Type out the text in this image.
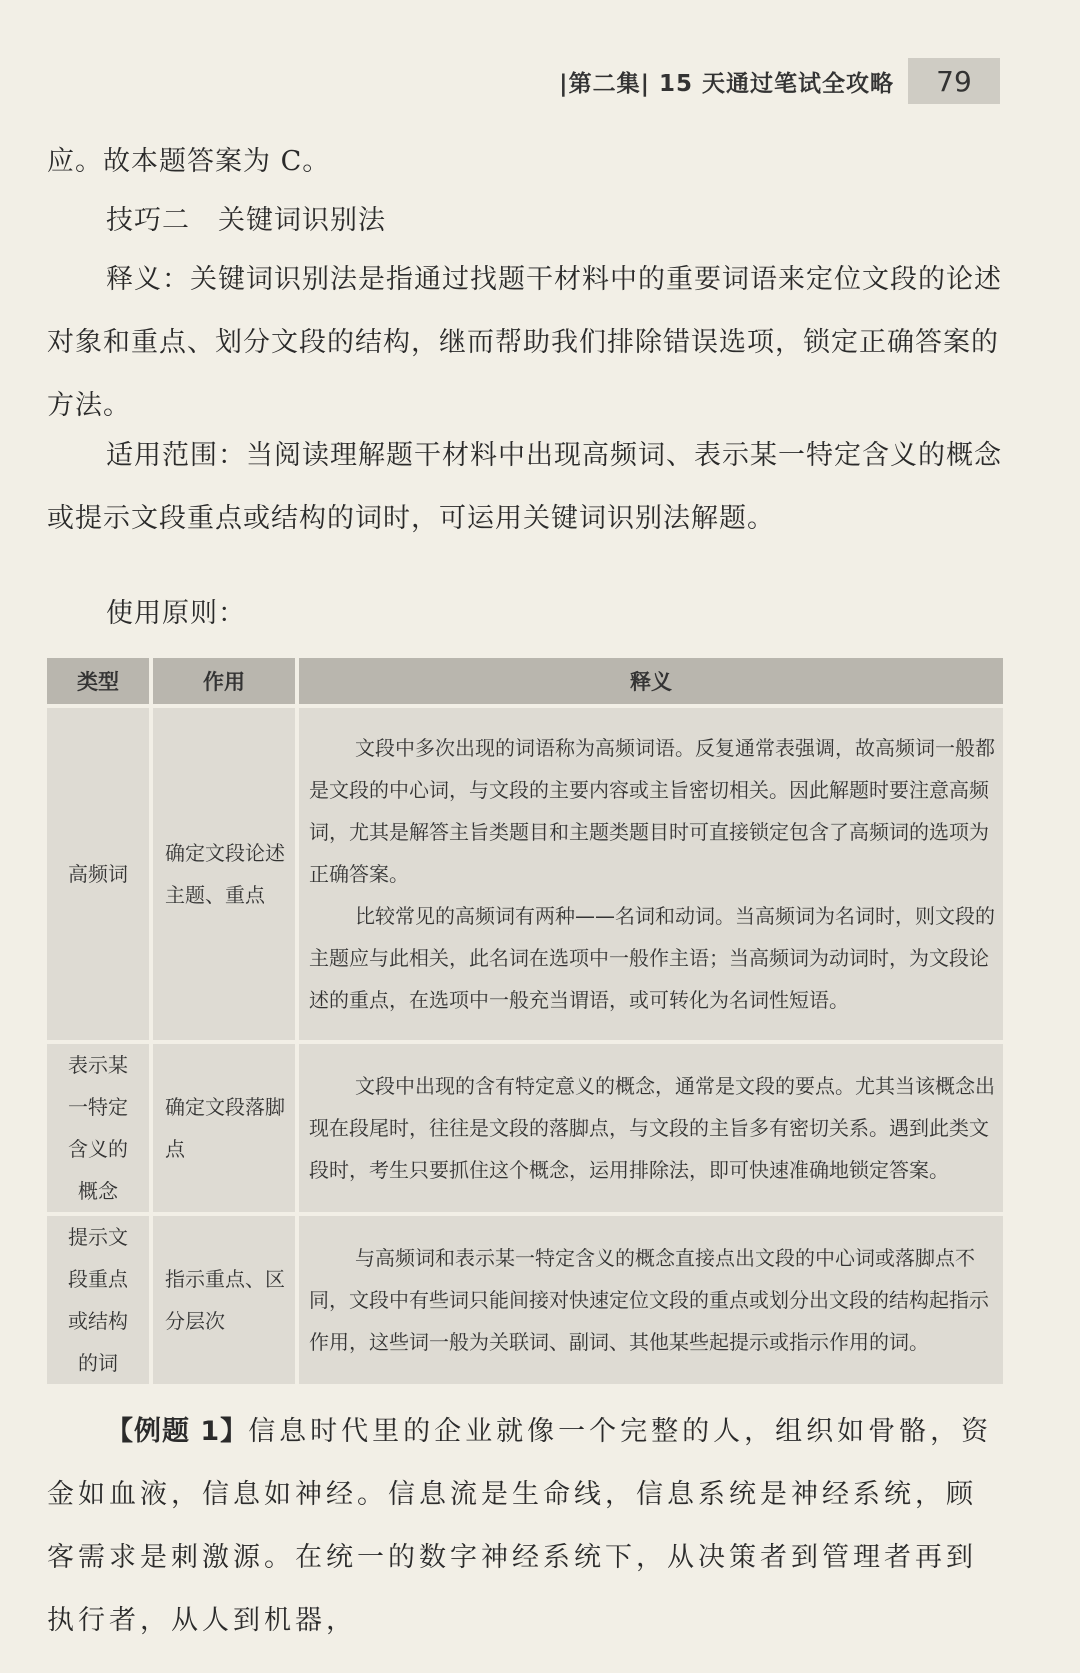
|第二集| 15 天通过笔试全攻略	79

应。故本题答案为 C。

技巧二　关键词识别法

释义：关键词识别法是指通过找题干材料中的重要词语来定位文段的论述对象和重点、划分文段的结构，继而帮助我们排除错误选项，锁定正确答案的方法。

适用范围：当阅读理解题干材料中出现高频词、表示某一特定含义的概念或提示文段重点或结构的词时，可运用关键词识别法解题。

使用原则：

类型	作用	释义
高频词	确定文段论述主题、重点	文段中多次出现的词语称为高频词语。反复通常表强调，故高频词一般都是文段的中心词，与文段的主要内容或主旨密切相关。因此解题时要注意高频词，尤其是解答主旨类题目和主题类题目时可直接锁定包含了高频词的选项为正确答案。

比较常见的高频词有两种——名词和动词。当高频词为名词时，则文段的主题应与此相关，此名词在选项中一般作主语；当高频词为动词时，为文段论述的重点，在选项中一般充当谓语，或可转化为名词性短语。

表示某一特定含义的概念	确定文段落脚点	文段中出现的含有特定意义的概念，通常是文段的要点。尤其当该概念出现在段尾时，往往是文段的落脚点，与文段的主旨多有密切关系。遇到此类文段时，考生只要抓住这个概念，运用排除法，即可快速准确地锁定答案。

提示文段重点或结构的词	指示重点、区分层次	与高频词和表示某一特定含义的概念直接点出文段的中心词或落脚点不同，文段中有些词只能间接对快速定位文段的重点或划分出文段的结构起指示作用，这些词一般为关联词、副词、其他某些起提示或指示作用的词。

【例题 1】信息时代里的企业就像一个完整的人，组织如骨骼，资金如血液，信息如神经。信息流是生命线，信息系统是神经系统，顾客需求是刺激源。在统一的数字神经系统下，从决策者到管理者再到执行者，从人到机器，
